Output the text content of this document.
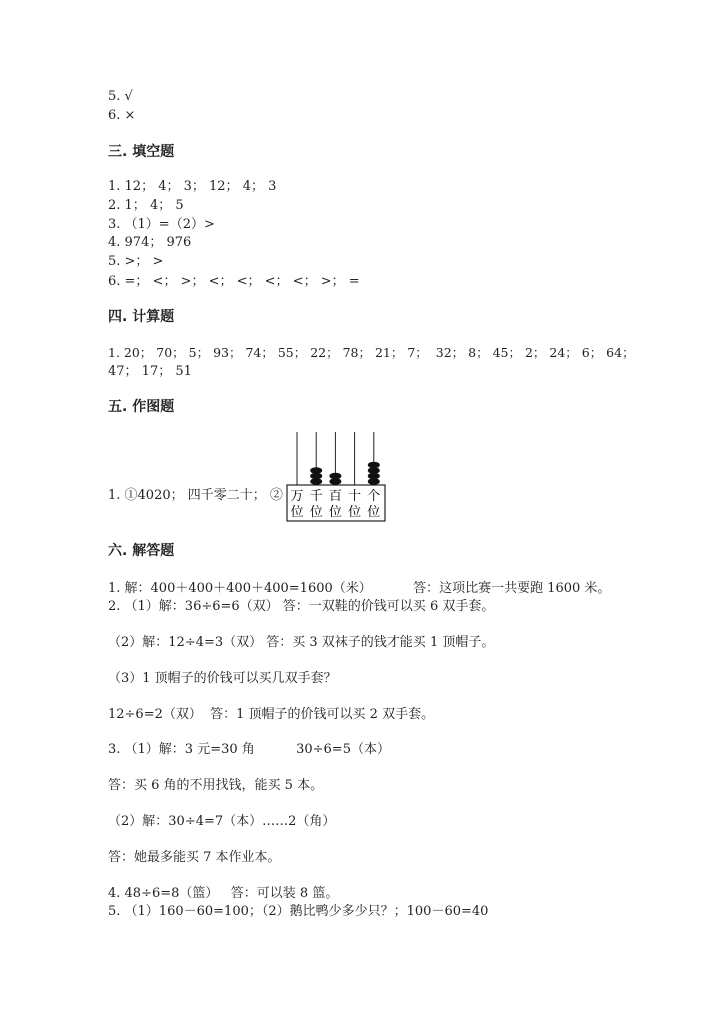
5. √
6. ×
三. 填空题
1. 12； 4； 3； 12； 4； 3
2. 1； 4； 5
3. （1）=（2）>
4. 974； 976
5. >； >
6. =； <； >； <； <； <； <； >； =
四. 计算题
1. 20； 70； 5； 93； 74； 55； 22； 78； 21； 7；  32； 8； 45； 2； 24； 6； 64；
47； 17； 51
五. 作图题
1. ①4020； 四千零二十； ② 万
位
千
位
百
位
十
位
个
位
六. 解答题
1. 解：400＋400＋400＋400=1600（米）          答：这项比赛一共要跑 1600 米。
2. （1）解：36÷6=6（双） 答：一双鞋的价钱可以买 6 双手套。
（2）解：12÷4=3（双） 答：买 3 双袜子的钱才能买 1 顶帽子。
（3）1 顶帽子的价钱可以买几双手套？
12÷6=2（双）  答：1 顶帽子的价钱可以买 2 双手套。
3. （1）解：3 元=30 角          30÷6=5（本）
答：买 6 角的不用找钱，能买 5 本。
（2）解：30÷4=7（本）……2（角）
答：她最多能买 7 本作业本。
4. 48÷6=8（篮）   答：可以装 8 篮。
5. （1）160－60=100；（2）鹅比鸭少多少只？；100－60=40
